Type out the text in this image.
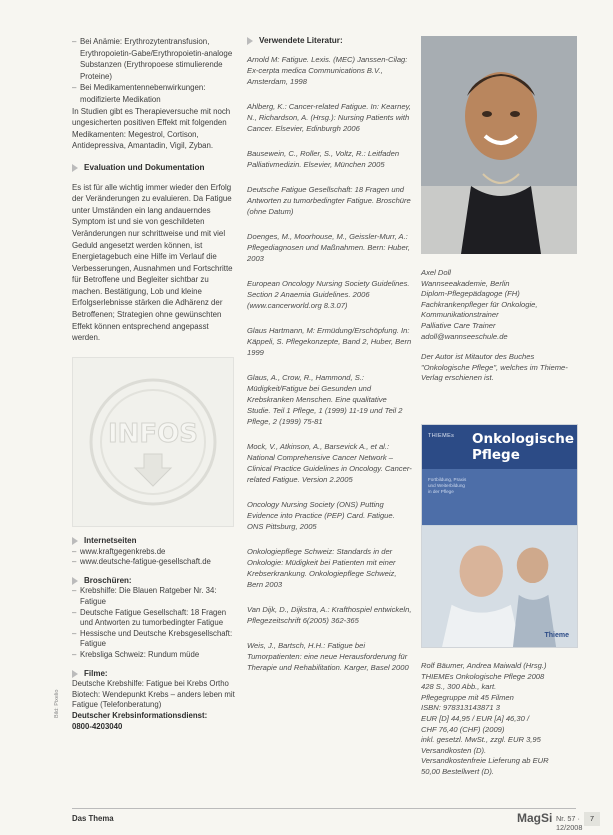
– Bei Anämie: Erythrozytentransfusion, Erythropoietin-Gabe/Erythropoietin-analoge Substanzen (Erythropoese stimulierende Proteine)
– Bei Medikamentennebenwirkungen: modifizierte Medikation

In Studien gibt es Therapieversuche mit noch ungesicherten positiven Effekt mit folgenden Medikamenten: Megestrol, Cortison, Antidepressiva, Amantadin, Vigil, Zyban.

Evaluation und Dokumentation

Es ist für alle wichtig immer wieder den Erfolg der Veränderungen zu evaluieren. Da Fatigue unter Umständen ein lang andauerndes Symptom ist und sie von geschildeten Veränderungen nur schrittweise und mit viel Geduld angesetzt werden können, ist Energietagebuch eine Hilfe im Verlauf die Verbesserungen, Ausnahmen und Fortschritte für Betroffene und Begleiter sichtbar zu machen. Bestätigung, Lob und kleine Erfolgserlebnisse stärken die Adhärenz der Betroffenen; Strategien ohne gewünschten Effekt können entsprechend angepasst werden.

INFOS
Internetseiten
– www.kraftgegenkrebs.de
– www.deutsche-fatigue-gesellschaft.de
Broschüren:
– Krebshilfe: Die Blauen Ratgeber Nr. 34: Fatigue
– Deutsche Fatigue Gesellschaft: 18 Fragen und Antworten zu tumorbedingter Fatigue
– Hessische und Deutsche Krebsgesellschaft: Fatigue
– Krebsliga Schweiz: Rundum müde
Filme:

Deutsche Krebshilfe: Fatigue bei Krebs Ortho Biotech: Wendepunkt Krebs – anders leben mit Fatigue (Telefonberatung)

Deutscher Krebsinformationsdienst:

0800-4203040

Bild: Pixelio
Verwendete Literatur:

Arnold M: Fatigue. Lexis. (MEC) Janssen-Cilag: Ex-cerpta medica Communications B.V., Amsterdam, 1998

Ahlberg, K.: Cancer-related Fatigue. In: Kearney, N., Richardson, A. (Hrsg.): Nursing Patients with Cancer. Elsevier, Edinburgh 2006

Bausewein, C., Roller, S., Voltz, R.: Leitfaden Palliativmedizin. Elsevier, München 2005

Deutsche Fatigue Gesellschaft: 18 Fragen und Antworten zu tumorbedingter Fatigue. Broschüre (ohne Datum)

Doenges, M., Moorhouse, M., Geissler-Murr, A.: Pflegediagnosen und Maßnahmen. Bern: Huber, 2003

European Oncology Nursing Society Guidelines. Section 2 Anaemia Guidelines. 2006 (www.cancerworld.org 8.3.07)

Glaus Hartmann, M: Ermüdung/Erschöpfung. In: Käppeli, S. Pflegekonzepte, Band 2, Huber, Bern 1999

Glaus, A., Crow, R., Hammond, S.: Müdigkeit/Fatigue bei Gesunden und Krebskranken Menschen. Eine qualitative Studie. Teil 1 Pflege, 1 (1999) 11-19 und Teil 2 Pflege, 2 (1999) 75-81

Mock, V., Atkinson, A., Barsevick A., et al.: National Comprehensive Cancer Network – Clinical Practice Guidelines in Oncology. Cancer-related Fatigue. Version 2.2005

Oncology Nursing Society (ONS) Putting Evidence into Practice (PEP) Card. Fatigue. ONS Pittsburg, 2005

Onkologiepflege Schweiz: Standards in der Onkologie: Müdigkeit bei Patienten mit einer Krebserkrankung. Onkologiepflege Schweiz, Bern 2003

Van Dijk, D., Dijkstra, A.: Krafthospiel entwickeln, Pflegezeitschrift 6(2005) 362-365

Weis, J., Bartsch, H.H.: Fatigue bei Tumorpatienten: eine neue Herausforderung für Therapie und Rehabilitation. Karger, Basel 2000

Axel Doll

Wannseeakademie, Berlin

Diplom-Pflegepädagoge (FH)

Fachkrankenpfleger für Onkologie,

Kommunikationstrainer

Palliative Care Trainer

adoll@wannseeschule.de

Der Autor ist Mitautor des Buches "Onkologische Pflege", welches im Thieme-Verlag erschienen ist.

THIEMEs Onkologische Pflege
Fortbildung, Praxis
und Weiterbildung
in der Pflege
Thieme

Rolf Bäumer, Andrea Maiwald (Hrsg.)

THIEMEs Onkologische Pflege 2008

428 S., 300 Abb., kart.

Pflegegruppe mit 45 Filmen

ISBN: 978313143871 3

EUR [D] 44,95 / EUR [A] 46,30 /

CHF 76,40 (CHF) (2009)

inkl. gesetzl. MwSt., zzgl. EUR 3,95

Versandkosten (D).

Versandkostenfreie Lieferung ab EUR

50,00 Bestellwert (D).

Das Thema	MagSi Nr. 57 · 12/2008
7
